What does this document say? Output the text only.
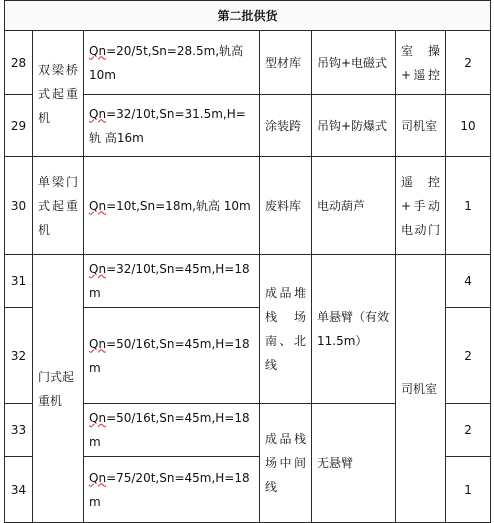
第二批供货						
28	双梁桥式起重机	Qn=20/5t,Sn=28.5m,轨高 10m	型材库	吊钩+电磁式	室操+遥控	2
29		Qn=32/10t,Sn=31.5m,H= 轨 高16m	涂装跨	吊钩+防爆式	司机室	10
30	单梁门式起重机	Qn=10t,Sn=18m,轨高 10m	废料库	电动葫芦	遥控+手动电动门	1
31	门式起重机	Qn=32/10t,Sn=45m,H=18m	成品堆栈 场南、北线	单悬臂（有效11.5m）	司机室	4
32		Qn=50/16t,Sn=45m,H=18m				2
33		Qn=50/16t,Sn=45m,H=18m	成品栈场中间线	无悬臂		2
34		Qn=75/20t,Sn=45m,H=18m				1
